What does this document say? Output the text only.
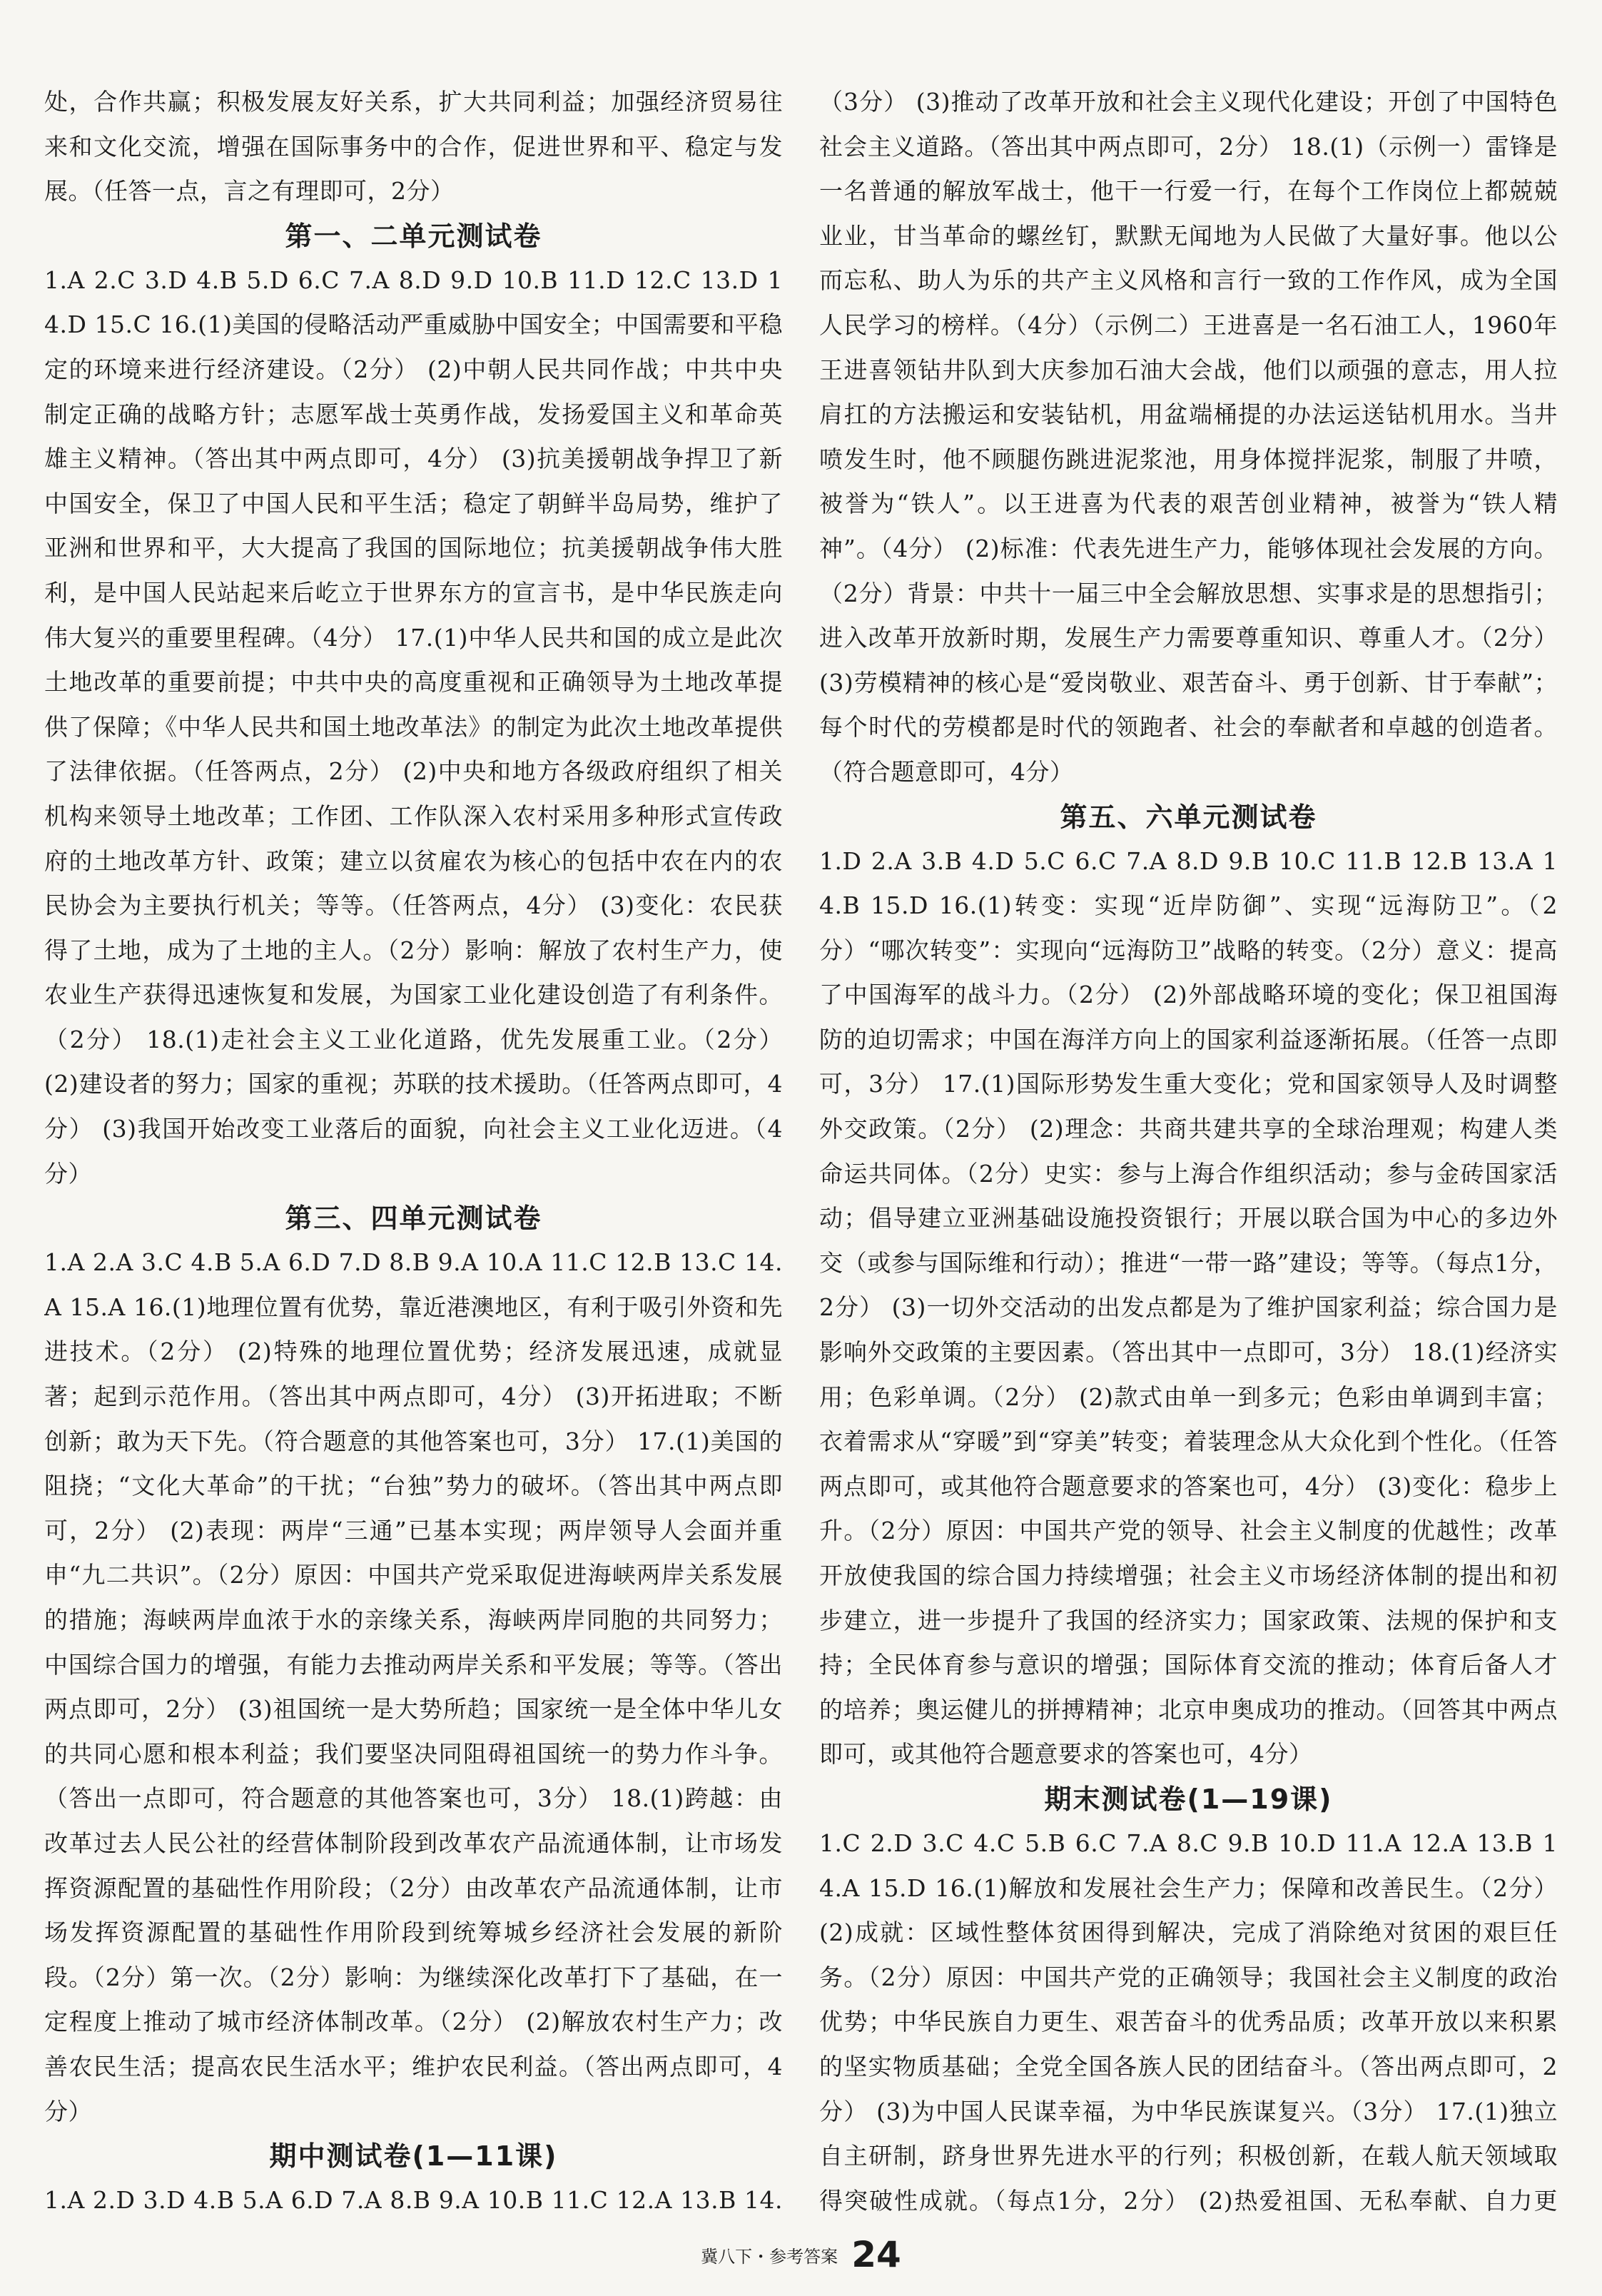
处，合作共赢；积极发展友好关系，扩大共同利益；加强经济贸易往来和文化交流，增强在国际事务中的合作，促进世界和平、稳定与发展。（任答一点，言之有理即可，2分）

第一、二单元测试卷

1.A 2.C 3.D 4.B 5.D 6.C 7.A 8.D 9.D 10.B 11.D 12.C 13.D 14.D 15.C 16.(1)美国的侵略活动严重威胁中国安全；中国需要和平稳定的环境来进行经济建设。（2分） (2)中朝人民共同作战；中共中央制定正确的战略方针；志愿军战士英勇作战，发扬爱国主义和革命英雄主义精神。（答出其中两点即可，4分） (3)抗美援朝战争捍卫了新中国安全，保卫了中国人民和平生活；稳定了朝鲜半岛局势，维护了亚洲和世界和平，大大提高了我国的国际地位；抗美援朝战争伟大胜利，是中国人民站起来后屹立于世界东方的宣言书，是中华民族走向伟大复兴的重要里程碑。（4分） 17.(1)中华人民共和国的成立是此次土地改革的重要前提；中共中央的高度重视和正确领导为土地改革提供了保障；《中华人民共和国土地改革法》的制定为此次土地改革提供了法律依据。（任答两点，2分） (2)中央和地方各级政府组织了相关机构来领导土地改革；工作团、工作队深入农村采用多种形式宣传政府的土地改革方针、政策；建立以贫雇农为核心的包括中农在内的农民协会为主要执行机关；等等。（任答两点，4分） (3)变化：农民获得了土地，成为了土地的主人。（2分）影响：解放了农村生产力，使农业生产获得迅速恢复和发展，为国家工业化建设创造了有利条件。（2分） 18.(1)走社会主义工业化道路，优先发展重工业。（2分） (2)建设者的努力；国家的重视；苏联的技术援助。（任答两点即可，4分） (3)我国开始改变工业落后的面貌，向社会主义工业化迈进。（4分）

第三、四单元测试卷

1.A 2.A 3.C 4.B 5.A 6.D 7.D 8.B 9.A 10.A 11.C 12.B 13.C 14.A 15.A 16.(1)地理位置有优势，靠近港澳地区，有利于吸引外资和先进技术。（2分） (2)特殊的地理位置优势；经济发展迅速，成就显著；起到示范作用。（答出其中两点即可，4分） (3)开拓进取；不断创新；敢为天下先。（符合题意的其他答案也可，3分） 17.(1)美国的阻挠；“文化大革命”的干扰；“台独”势力的破坏。（答出其中两点即可，2分） (2)表现：两岸“三通”已基本实现；两岸领导人会面并重申“九二共识”。（2分）原因：中国共产党采取促进海峡两岸关系发展的措施；海峡两岸血浓于水的亲缘关系，海峡两岸同胞的共同努力；中国综合国力的增强，有能力去推动两岸关系和平发展；等等。（答出两点即可，2分） (3)祖国统一是大势所趋；国家统一是全体中华儿女的共同心愿和根本利益；我们要坚决同阻碍祖国统一的势力作斗争。（答出一点即可，符合题意的其他答案也可，3分） 18.(1)跨越：由改革过去人民公社的经营体制阶段到改革农产品流通体制，让市场发挥资源配置的基础性作用阶段；（2分）由改革农产品流通体制，让市场发挥资源配置的基础性作用阶段到统筹城乡经济社会发展的新阶段。（2分）第一次。（2分）影响：为继续深化改革打下了基础，在一定程度上推动了城市经济体制改革。（2分） (2)解放农村生产力；改善农民生活；提高农民生活水平；维护农民利益。（答出两点即可，4分）

期中测试卷(1—11课)

1.A 2.D 3.D 4.B 5.A 6.D 7.A 8.B 9.A 10.B 11.C 12.A 13.B 14.

（3分） (3)推动了改革开放和社会主义现代化建设；开创了中国特色社会主义道路。（答出其中两点即可，2分） 18.(1)（示例一）雷锋是一名普通的解放军战士，他干一行爱一行，在每个工作岗位上都兢兢业业，甘当革命的螺丝钉，默默无闻地为人民做了大量好事。他以公而忘私、助人为乐的共产主义风格和言行一致的工作作风，成为全国人民学习的榜样。（4分）（示例二）王进喜是一名石油工人，1960年王进喜领钻井队到大庆参加石油大会战，他们以顽强的意志，用人拉肩扛的方法搬运和安装钻机，用盆端桶提的办法运送钻机用水。当井喷发生时，他不顾腿伤跳进泥浆池，用身体搅拌泥浆，制服了井喷，被誉为“铁人”。以王进喜为代表的艰苦创业精神，被誉为“铁人精神”。（4分） (2)标准：代表先进生产力，能够体现社会发展的方向。（2分）背景：中共十一届三中全会解放思想、实事求是的思想指引；进入改革开放新时期，发展生产力需要尊重知识、尊重人才。（2分） (3)劳模精神的核心是“爱岗敬业、艰苦奋斗、勇于创新、甘于奉献”；每个时代的劳模都是时代的领跑者、社会的奉献者和卓越的创造者。（符合题意即可，4分）

第五、六单元测试卷

1.D 2.A 3.B 4.D 5.C 6.C 7.A 8.D 9.B 10.C 11.B 12.B 13.A 14.B 15.D 16.(1)转变：实现“近岸防御”、实现“远海防卫”。（2分）“哪次转变”：实现向“远海防卫”战略的转变。（2分）意义：提高了中国海军的战斗力。（2分） (2)外部战略环境的变化；保卫祖国海防的迫切需求；中国在海洋方向上的国家利益逐渐拓展。（任答一点即可，3分） 17.(1)国际形势发生重大变化；党和国家领导人及时调整外交政策。（2分） (2)理念：共商共建共享的全球治理观；构建人类命运共同体。（2分）史实：参与上海合作组织活动；参与金砖国家活动；倡导建立亚洲基础设施投资银行；开展以联合国为中心的多边外交（或参与国际维和行动）；推进“一带一路”建设；等等。（每点1分，2分） (3)一切外交活动的出发点都是为了维护国家利益；综合国力是影响外交政策的主要因素。（答出其中一点即可，3分） 18.(1)经济实用；色彩单调。（2分） (2)款式由单一到多元；色彩由单调到丰富；衣着需求从“穿暖”到“穿美”转变；着装理念从大众化到个性化。（任答两点即可，或其他符合题意要求的答案也可，4分） (3)变化：稳步上升。（2分）原因：中国共产党的领导、社会主义制度的优越性；改革开放使我国的综合国力持续增强；社会主义市场经济体制的提出和初步建立，进一步提升了我国的经济实力；国家政策、法规的保护和支持；全民体育参与意识的增强；国际体育交流的推动；体育后备人才的培养；奥运健儿的拼搏精神；北京申奥成功的推动。（回答其中两点即可，或其他符合题意要求的答案也可，4分）

期末测试卷(1—19课)

1.C 2.D 3.C 4.C 5.B 6.C 7.A 8.C 9.B 10.D 11.A 12.A 13.B 14.A 15.D 16.(1)解放和发展社会生产力；保障和改善民生。（2分） (2)成就：区域性整体贫困得到解决，完成了消除绝对贫困的艰巨任务。（2分）原因：中国共产党的正确领导；我国社会主义制度的政治优势；中华民族自力更生、艰苦奋斗的优秀品质；改革开放以来积累的坚实物质基础；全党全国各族人民的团结奋斗。（答出两点即可，2分） (3)为中国人民谋幸福，为中华民族谋复兴。（3分） 17.(1)独立自主研制，跻身世界先进水平的行列；积极创新，在载人航天领域取得突破性成就。（每点1分，2分） (2)热爱祖国、无私奉献、自力更

冀八下・参考答案 24
